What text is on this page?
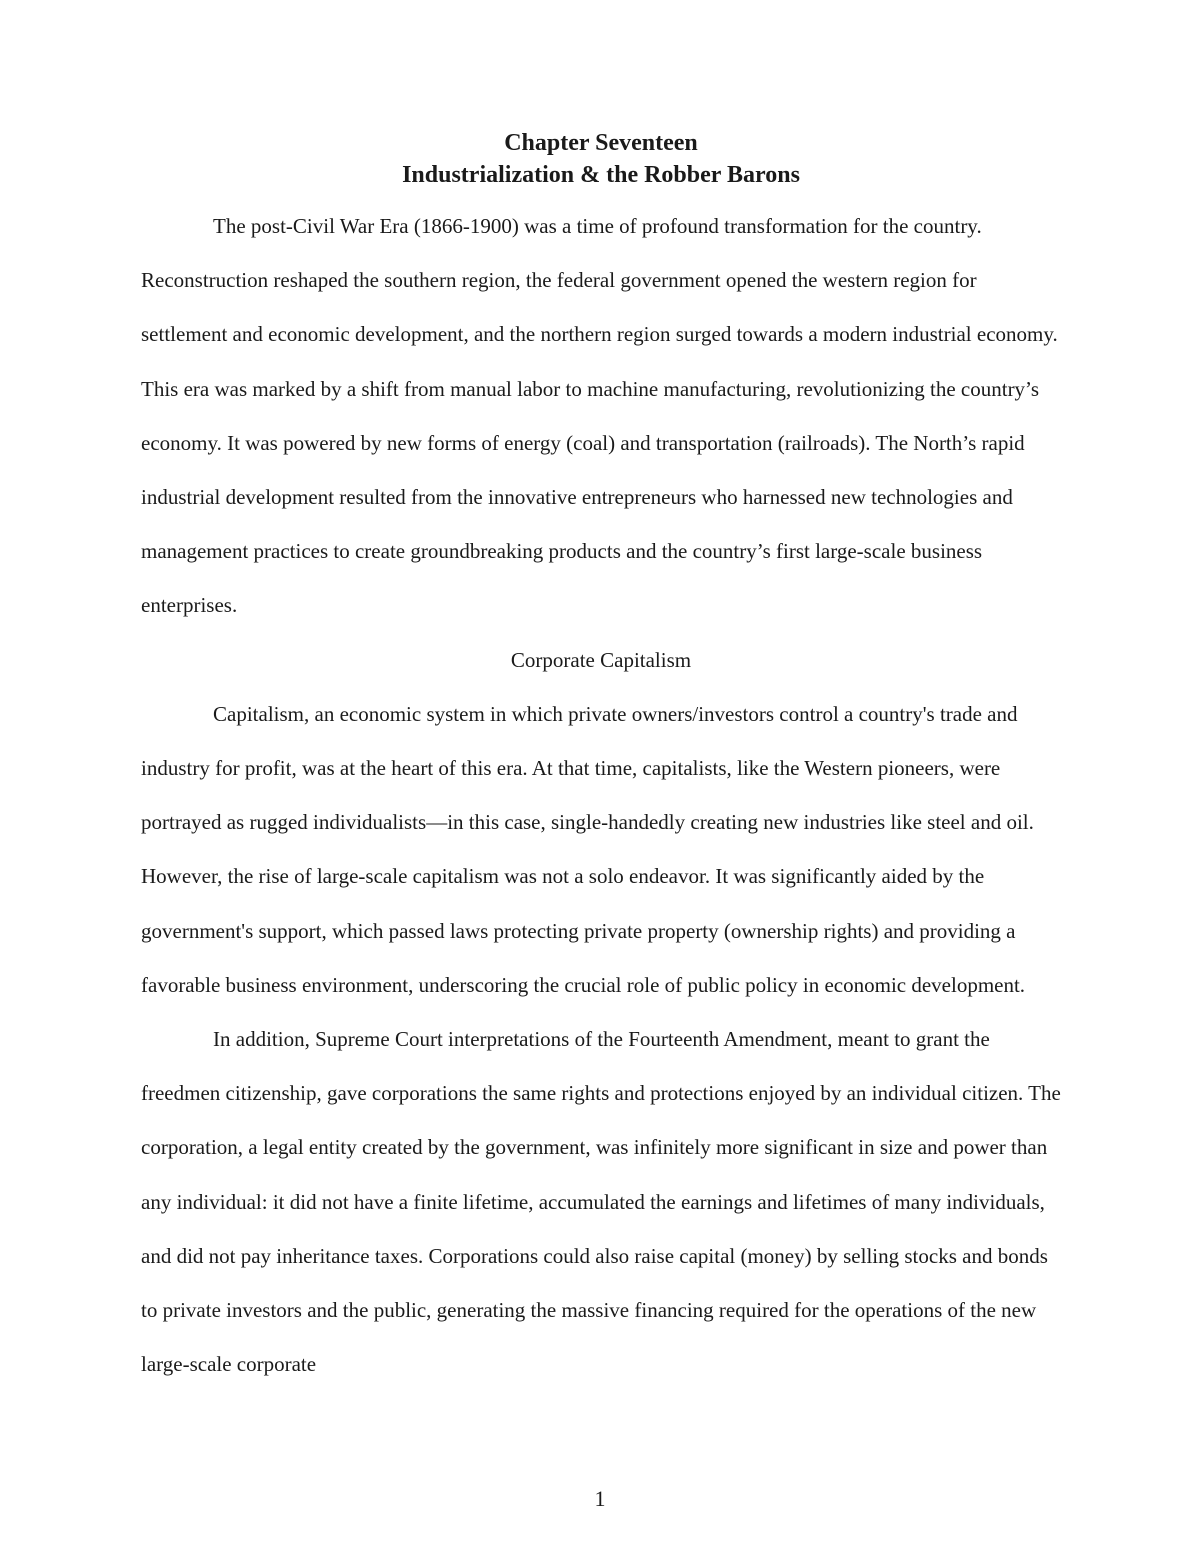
Chapter Seventeen
Industrialization & the Robber Barons

The post-Civil War Era (1866-1900) was a time of profound transformation for the country. Reconstruction reshaped the southern region, the federal government opened the western region for settlement and economic development, and the northern region surged towards a modern industrial economy. This era was marked by a shift from manual labor to machine manufacturing, revolutionizing the country’s economy. It was powered by new forms of energy (coal) and transportation (railroads). The North’s rapid industrial development resulted from the innovative entrepreneurs who harnessed new technologies and management practices to create groundbreaking products and the country’s first large-scale business enterprises.

Corporate Capitalism

Capitalism, an economic system in which private owners/investors control a country's trade and industry for profit, was at the heart of this era. At that time, capitalists, like the Western pioneers, were portrayed as rugged individualists—in this case, single-handedly creating new industries like steel and oil. However, the rise of large-scale capitalism was not a solo endeavor. It was significantly aided by the government's support, which passed laws protecting private property (ownership rights) and providing a favorable business environment, underscoring the crucial role of public policy in economic development.

In addition, Supreme Court interpretations of the Fourteenth Amendment, meant to grant the freedmen citizenship, gave corporations the same rights and protections enjoyed by an individual citizen. The corporation, a legal entity created by the government, was infinitely more significant in size and power than any individual: it did not have a finite lifetime, accumulated the earnings and lifetimes of many individuals, and did not pay inheritance taxes. Corporations could also raise capital (money) by selling stocks and bonds to private investors and the public, generating the massive financing required for the operations of the new large-scale corporate

1
